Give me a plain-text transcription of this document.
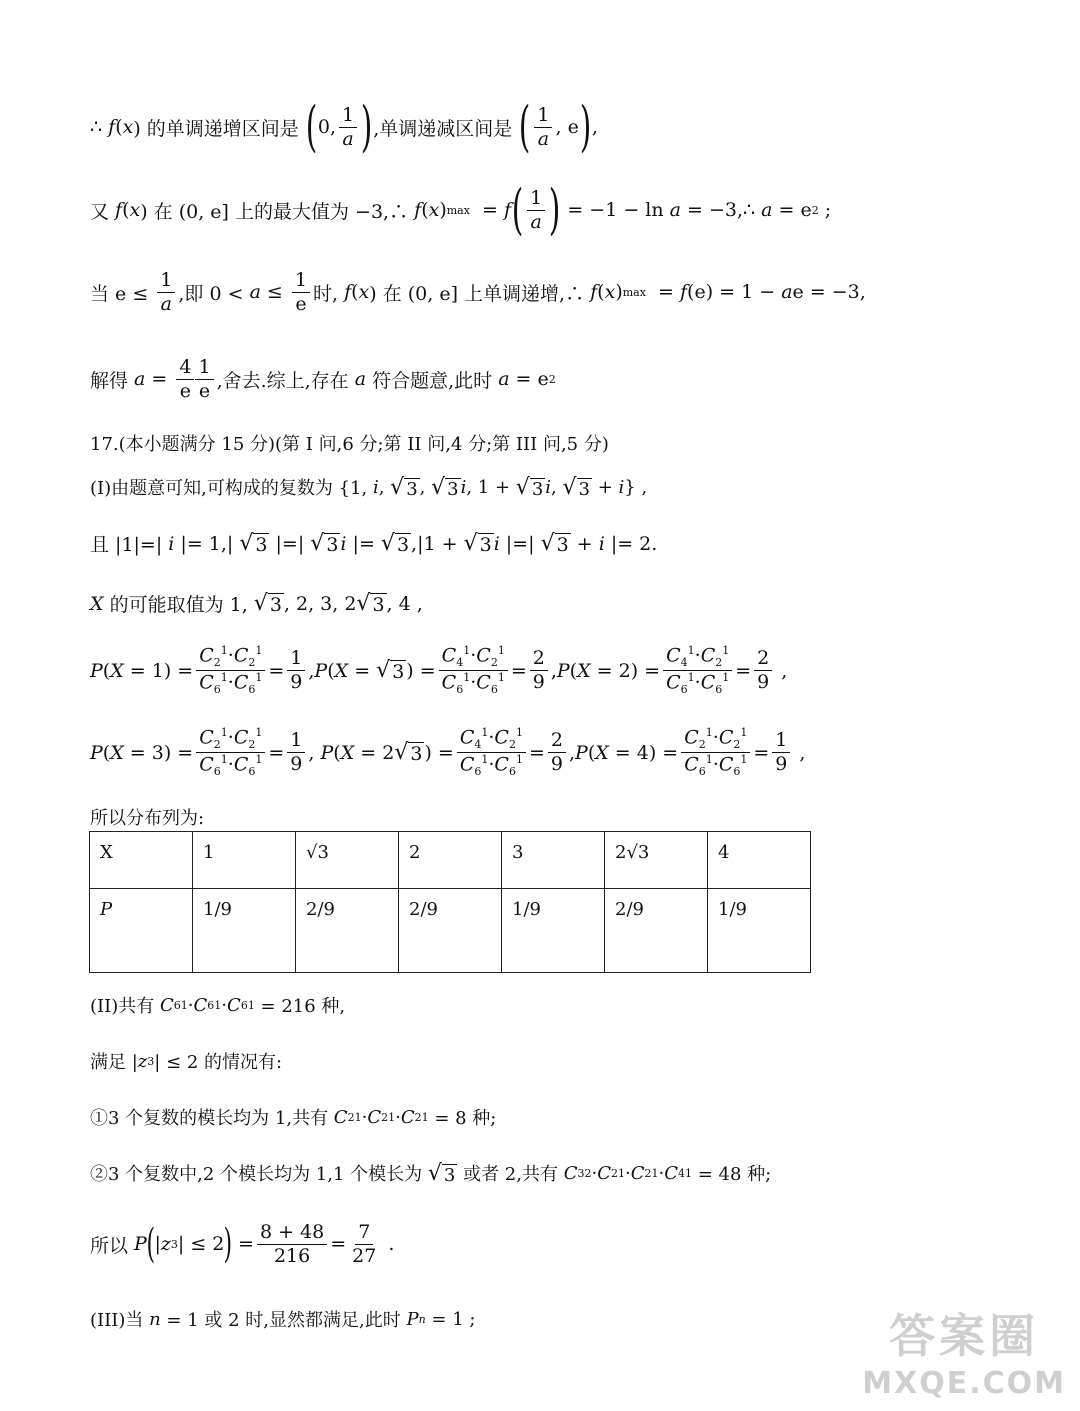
∴ f ( x ) 的单调递增区间是 ( 0, $\frac{1}{a}$ ) ,单调递减区间是 ( $\frac{1}{a}$ , e ) ,
又 f ( x ) 在 (0, e] 上的最大值为 −3,∴ f ( x ) max = f ( $\frac{1}{a}$ ) = −1 − ln a = −3,∴ a = e 2 ;
当 $e \le \frac{1}{a}$ ,即 $0 < a \le \frac{1}{e}$ 时, f ( x ) 在 (0, e] 上单调递增,∴ f ( x ) max = f (e) = 1 − a e = −3,
解得 $a = \frac{4}{e} \frac{1}{e}$ ,舍去.综上,存在 a 符合题意,此时 a = e 2
17.(本小题满分 15 分)(第 I 问,6 分;第 II 问,4 分;第 III 问,5 分)
(I)由题意可知,可构成的复数为 {1, i , √ 3 , √ 3 i , 1 + √ 3 i , √ 3 + i } ,
且 |1|=| i |= 1,| √ 3 |=| √ 3 i |= √ 3 ,|1 + √ 3 i |=| √ 3 + i |= 2.
X 的可能取值为 1, √ 3 , 2, 3, 2 √ 3 , 4 ,
P ( $X = 1) = \frac{C_2^1\cdot C_2^1}{C_6^1\cdot C_6^1} = \frac{1}{9}$ , P ( X = √ 3 ) = $\frac{C_4^1\cdot C_2^1}{C_6^1\cdot C_6^1} = \frac{2}{9}$ , P ( $X = 2) = \frac{C_4^1\cdot C_2^1}{C_6^1\cdot C_6^1} = \frac{2}{9}$ ,
P ( $X = 3) = \frac{C_2^1\cdot C_2^1}{C_6^1\cdot C_6^1} = \frac{1}{9}$ , P ( X = 2 √ 3 ) = $\frac{C_4^1\cdot C_2^1}{C_6^1\cdot C_6^1} = \frac{2}{9}$ , P ( $X = 4) = \frac{C_2^1\cdot C_2^1}{C_6^1\cdot C_6^1} = \frac{1}{9}$ ,
所以分布列为:
X	1	√3	2	3	2√3	4
P	1/9	2/9	2/9	1/9	2/9	1/9
(II)共有 C 6 1 · C 6 1 · C 6 1 = 216 种,
满足 | z 3 | ≤ 2 的情况有:
①3 个复数的模长均为 1,共有 C 2 1 · C 2 1 · C 2 1 = 8 种;
②3 个复数中,2 个模长均为 1,1 个模长为 √ 3 或者 2,共有 C 3 2 · C 2 1 · C 2 1 · C 4 1 = 48 种;
所以 P ( | z 3 | ≤ 2 ) = $\frac{8 + 48}{216} = \frac{7}{27}$ .
(III)当 n = 1 或 2 时,显然都满足,此时 P n = 1 ;	答案圈
MXQE.COM
